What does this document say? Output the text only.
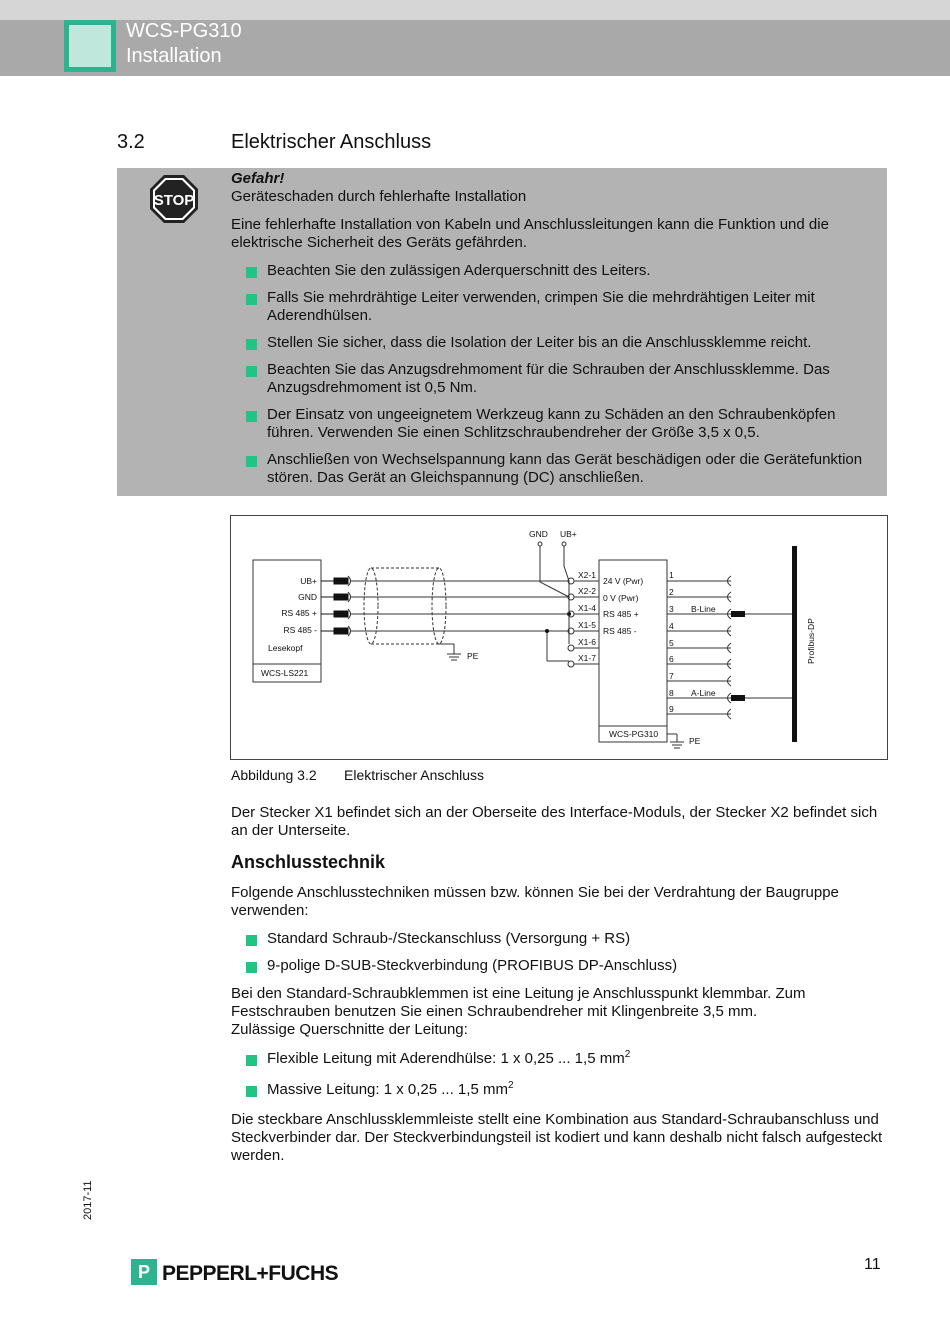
WCS-PG310
Installation
3.2	Elektrischer Anschluss
STOP
Gefahr!

Geräteschaden durch fehlerhafte Installation

Eine fehlerhafte Installation von Kabeln und Anschlussleitungen kann die Funktion und die elektrische Sicherheit des Geräts gefährden.

Beachten Sie den zulässigen Aderquerschnitt des Leiters.
Falls Sie mehrdrähtige Leiter verwenden, crimpen Sie die mehrdrähtigen Leiter mit Aderendhülsen.
Stellen Sie sicher, dass die Isolation der Leiter bis an die Anschlussklemme reicht.
Beachten Sie das Anzugsdrehmoment für die Schrauben der Anschlussklemme. Das Anzugsdrehmoment ist 0,5 Nm.
Der Einsatz von ungeeignetem Werkzeug kann zu Schäden an den Schraubenköpfen führen. Verwenden Sie einen Schlitzschraubendreher der Größe 3,5 x 0,5.
Anschließen von Wechselspannung kann das Gerät beschädigen oder die Gerätefunktion stören. Das Gerät an Gleichspannung (DC) anschließen.
UB+
GND
RS 485 +
RS 485 -
Lesekopf
WCS-LS221
PE
GND UB+
X2-1
X2-2
X1-4
X1-5
X1-6
X1-7
24 V (Pwr)
0 V (Pwr)
RS 485 +
RS 485 -
WCS-PG310
1
2
3
4
5
6
7
8
9
B-Line
A-Line
Profibus-DP
PE
Abbildung 3.2 Elektrischer Anschluss

Der Stecker X1 befindet sich an der Oberseite des Interface-Moduls, der Stecker X2 befindet sich an der Unterseite.

Anschlusstechnik

Folgende Anschlusstechniken müssen bzw. können Sie bei der Verdrahtung der Baugruppe verwenden:

Standard Schraub-/Steckanschluss (Versorgung + RS)
9-polige D-SUB-Steckverbindung (PROFIBUS DP-Anschluss)
Bei den Standard-Schraubklemmen ist eine Leitung je Anschlusspunkt klemmbar. Zum
Festschrauben benutzen Sie einen Schraubendreher mit Klingenbreite 3,5 mm.
Zulässige Querschnitte der Leitung:
Flexible Leitung mit Aderendhülse: 1 x 0,25 ... 1,5 $mm^2$
Massive Leitung: 1 x 0,25 ... 1,5 $mm^2$

Die steckbare Anschlussklemmleiste stellt eine Kombination aus Standard-Schraubanschluss und Steckverbinder dar. Der Steckverbindungsteil ist kodiert und kann deshalb nicht falsch aufgesteckt werden.

2017-11
P PEPPERL+FUCHS	11
